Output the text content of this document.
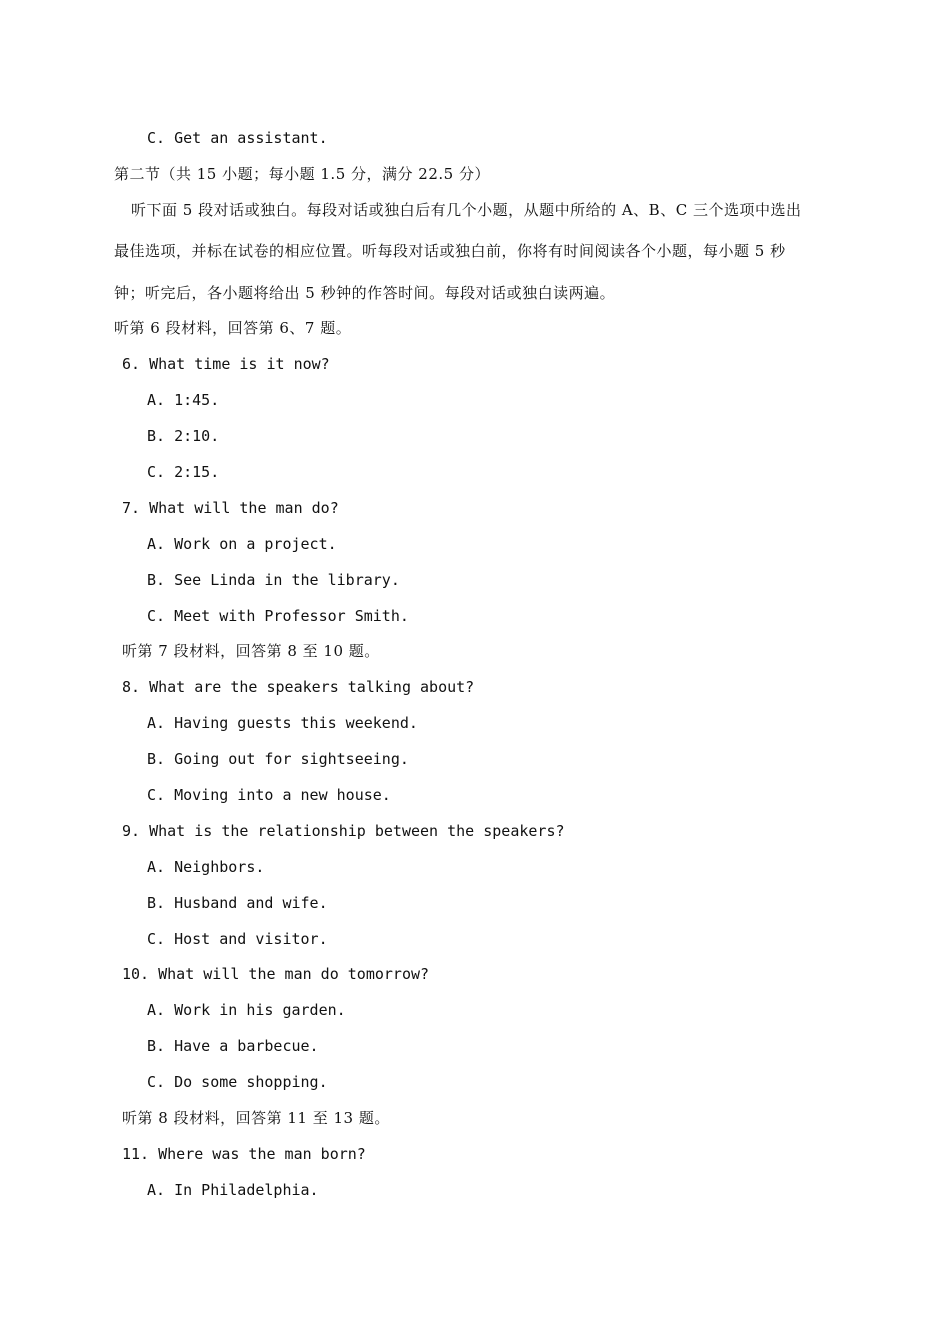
C. Get an assistant.
第二节（共 15 小题；每小题 1.5 分，满分 22.5 分）
听下面 5 段对话或独白。每段对话或独白后有几个小题，从题中所给的 A、B、C 三个选项中选出
最佳选项，并标在试卷的相应位置。听每段对话或独白前，你将有时间阅读各个小题，每小题 5 秒
钟；听完后，各小题将给出 5 秒钟的作答时间。每段对话或独白读两遍。
听第 6 段材料，回答第 6、7 题。
6. What time is it now?
A. 1:45.
B. 2:10.
C. 2:15.
7. What will the man do?
A. Work on a project.
B. See Linda in the library.
C. Meet with Professor Smith.
听第 7 段材料，回答第 8 至 10 题。
8. What are the speakers talking about?
A. Having guests this weekend.
B. Going out for sightseeing.
C. Moving into a new house.
9. What is the relationship between the speakers?
A. Neighbors.
B. Husband and wife.
C. Host and visitor.
10. What will the man do tomorrow?
A. Work in his garden.
B. Have a barbecue.
C. Do some shopping.
听第 8 段材料，回答第 11 至 13 题。
11. Where was the man born?
A. In Philadelphia.
